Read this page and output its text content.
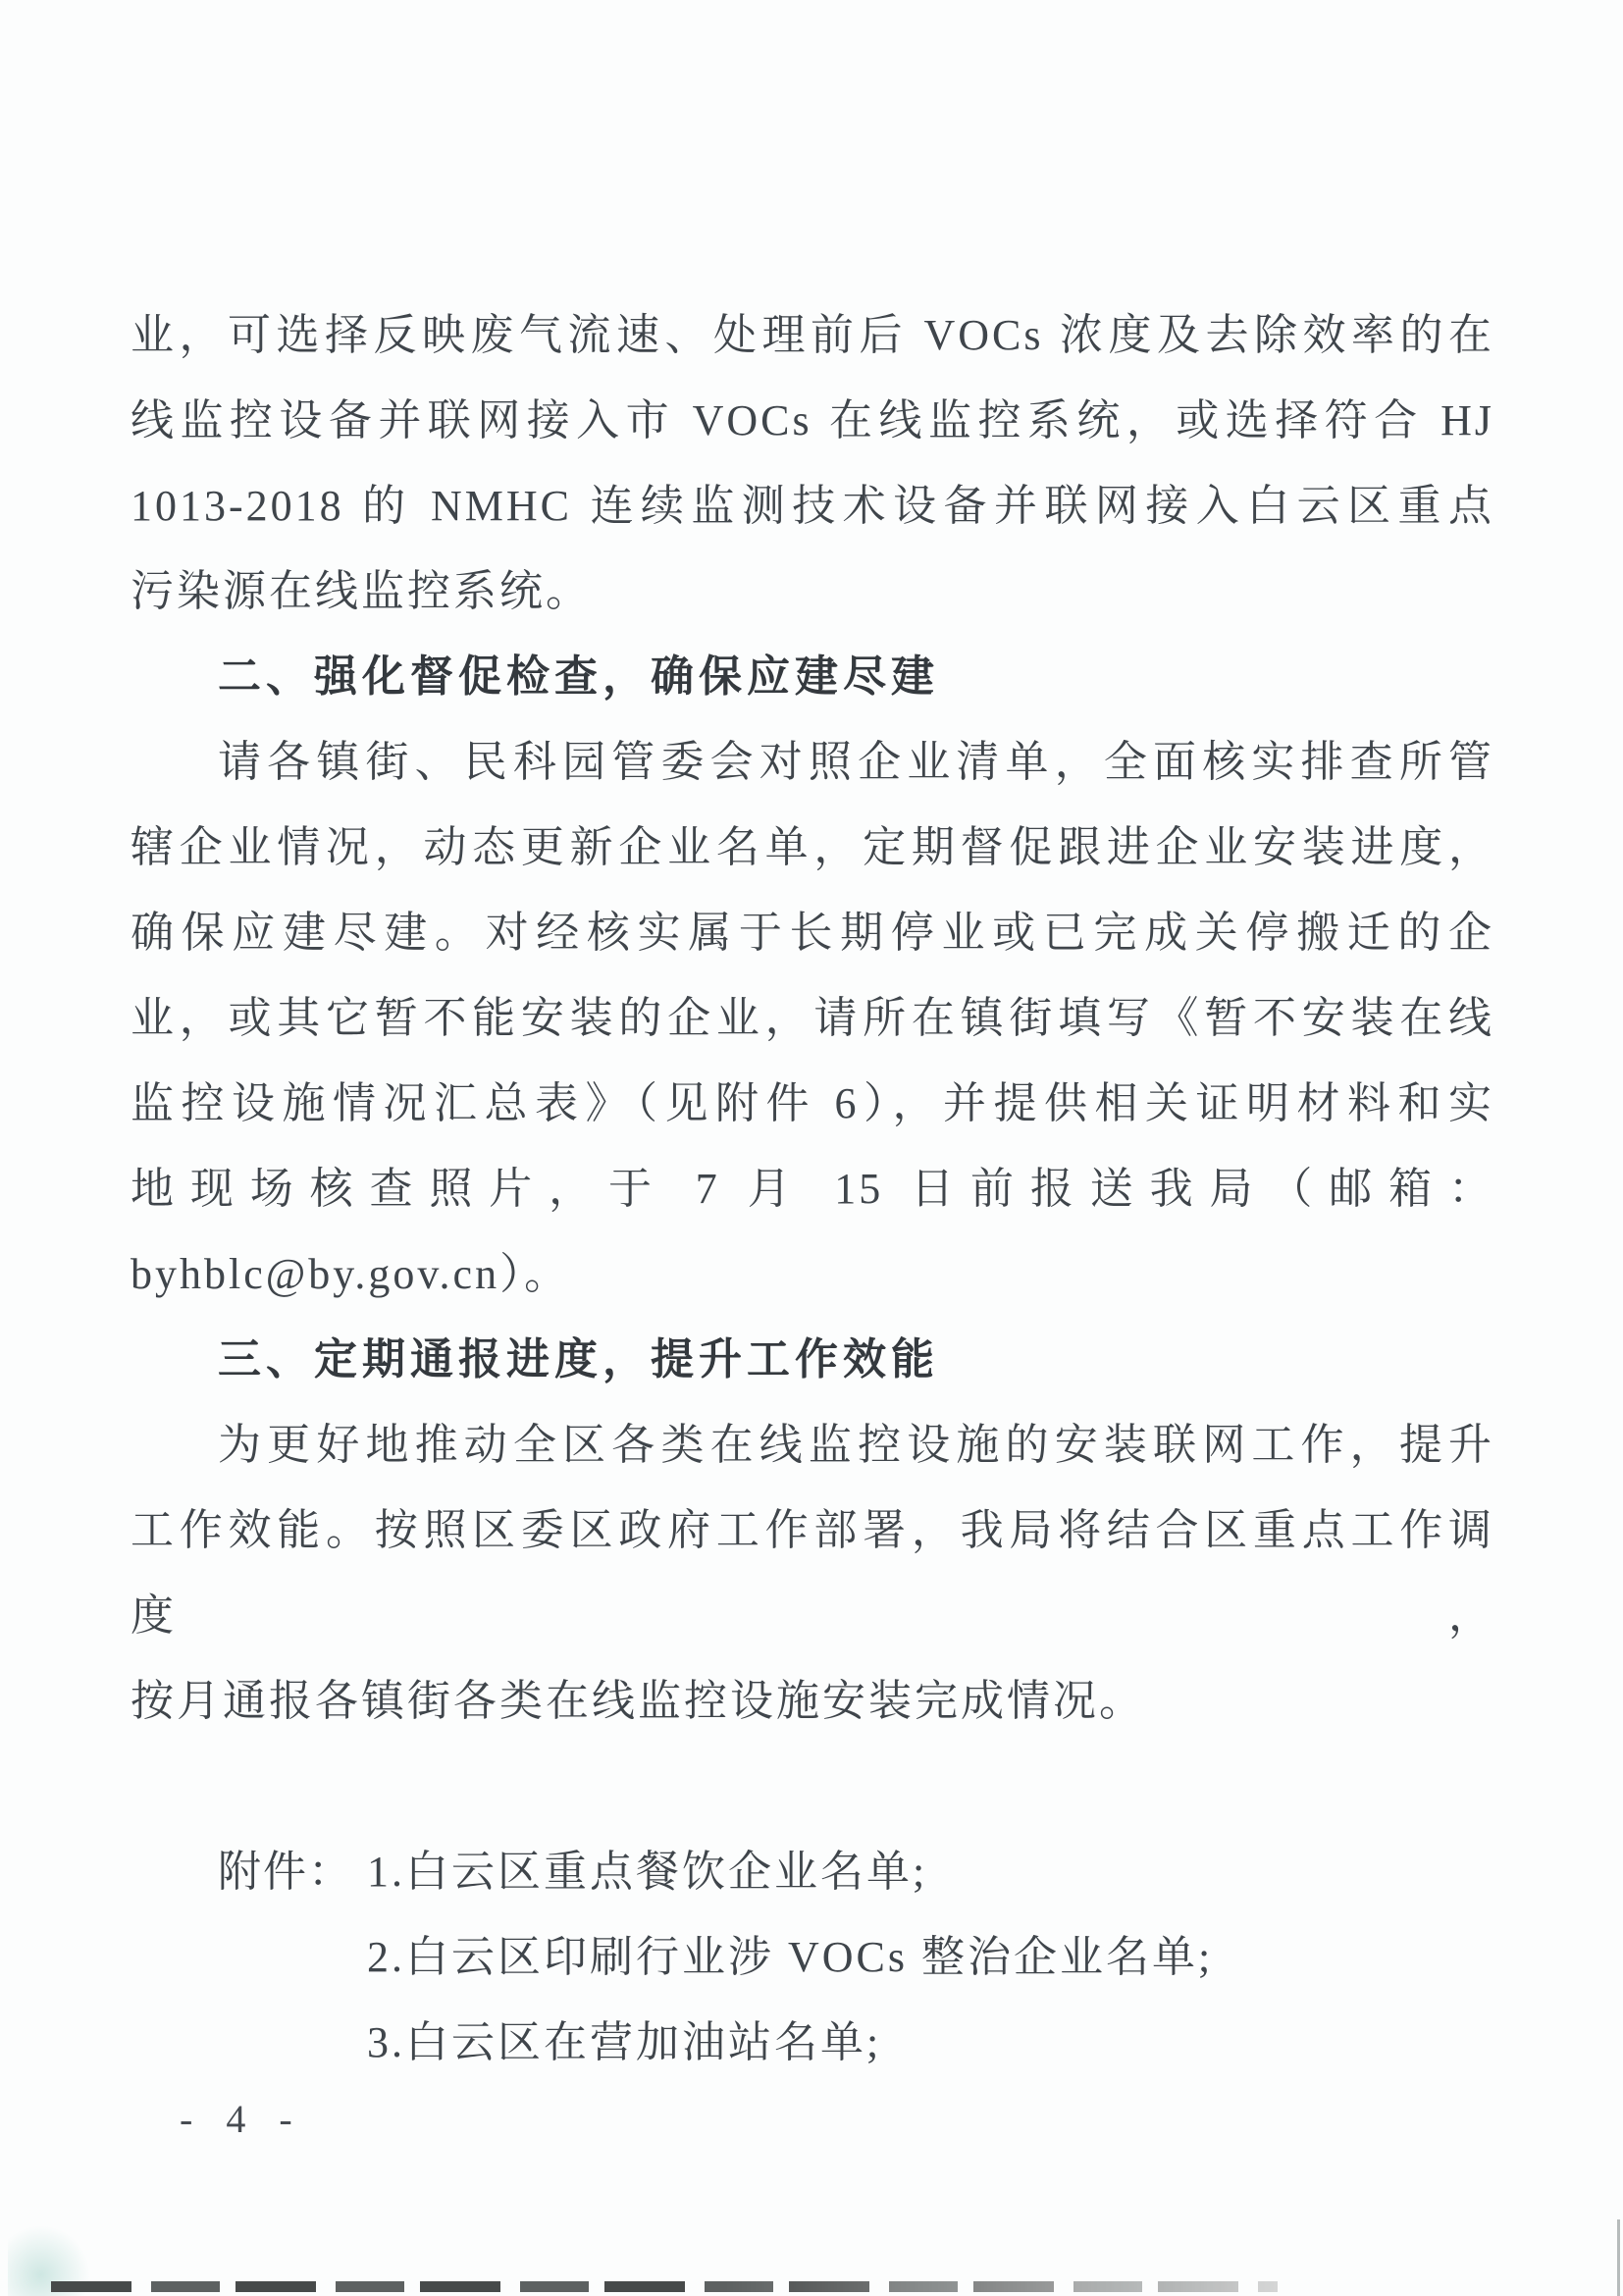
业，可选择反映废气流速、处理前后 VOCs 浓度及去除效率的在
线监控设备并联网接入市 VOCs 在线监控系统，或选择符合 HJ
1013-2018 的 NMHC 连续监测技术设备并联网接入白云区重点
污染源在线监控系统。
二、强化督促检查，确保应建尽建
请各镇街、民科园管委会对照企业清单，全面核实排查所管
辖企业情况，动态更新企业名单，定期督促跟进企业安装进度，
确保应建尽建。对经核实属于长期停业或已完成关停搬迁的企
业，或其它暂不能安装的企业，请所在镇街填写《暂不安装在线
监控设施情况汇总表》（见附件 6），并提供相关证明材料和实
地现场核查照片，于 7 月 15 日前报送我局（邮箱：
byhblc@by.gov.cn）。
三、定期通报进度，提升工作效能
为更好地推动全区各类在线监控设施的安装联网工作，提升
工作效能。按照区委区政府工作部署，我局将结合区重点工作调度，
按月通报各镇街各类在线监控设施安装完成情况。
附件： 1.白云区重点餐饮企业名单;
2.白云区印刷行业涉 VOCs 整治企业名单;
3.白云区在营加油站名单;
- 4 -
